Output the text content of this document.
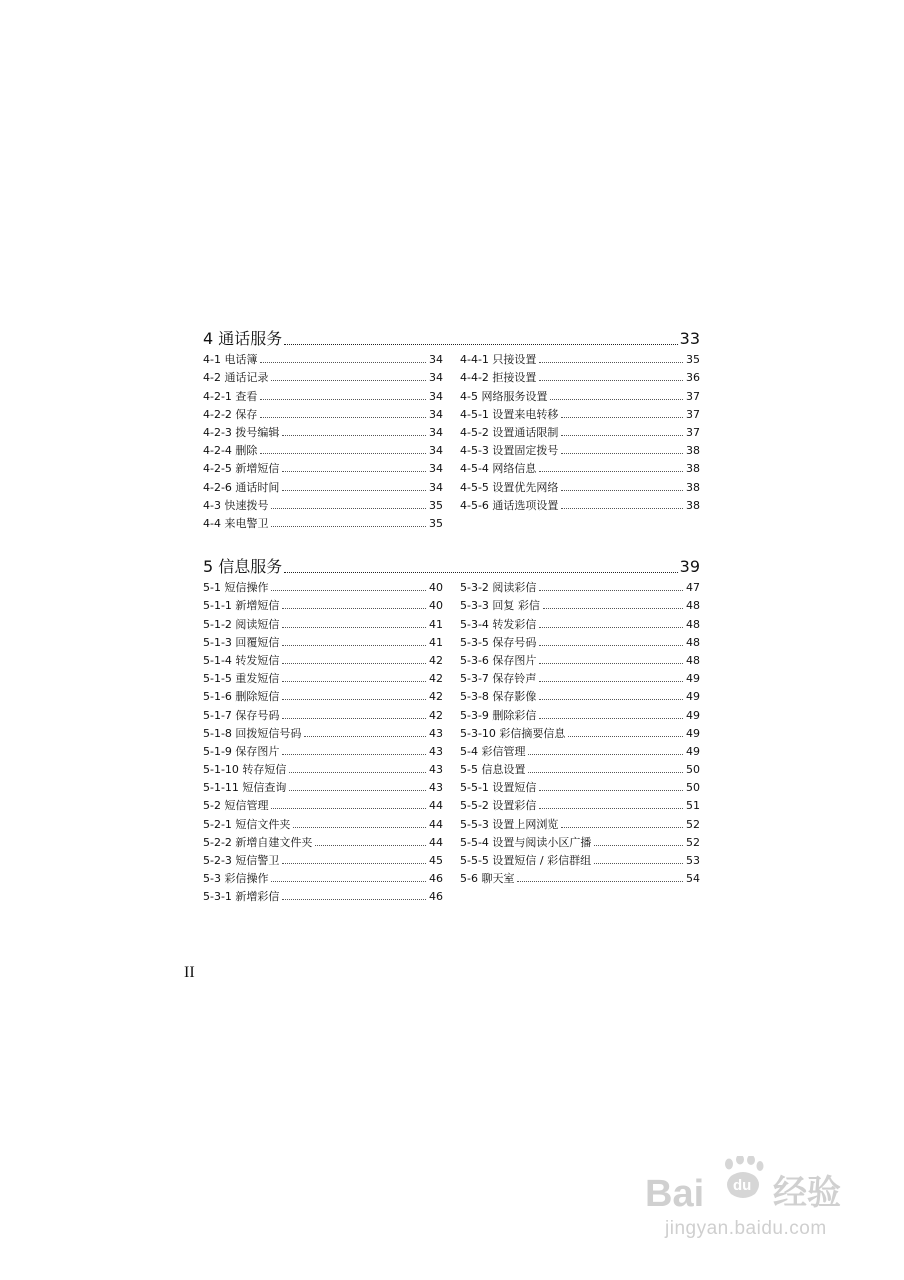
4 通话服务	33
4-1 电话簿	34
4-2 通话记录	34
4-2-1 查看	34
4-2-2 保存	34
4-2-3 拨号编辑	34
4-2-4 删除	34
4-2-5 新增短信	34
4-2-6 通话时间	34
4-3 快速拨号	35
4-4 来电警卫	35
4-4-1 只接设置	35
4-4-2 拒接设置	36
4-5 网络服务设置	37
4-5-1 设置来电转移	37
4-5-2 设置通话限制	37
4-5-3 设置固定拨号	38
4-5-4 网络信息	38
4-5-5 设置优先网络	38
4-5-6 通话选项设置	38
5 信息服务	39
5-1 短信操作	40
5-1-1 新增短信	40
5-1-2 阅读短信	41
5-1-3 回覆短信	41
5-1-4 转发短信	42
5-1-5 重发短信	42
5-1-6 删除短信	42
5-1-7 保存号码	42
5-1-8 回拨短信号码	43
5-1-9 保存图片	43
5-1-10 转存短信	43
5-1-11 短信查询	43
5-2 短信管理	44
5-2-1 短信文件夹	44
5-2-2 新增自建文件夹	44
5-2-3 短信警卫	45
5-3 彩信操作	46
5-3-1 新增彩信	46
5-3-2 阅读彩信	47
5-3-3 回复 彩信	48
5-3-4 转发彩信	48
5-3-5 保存号码	48
5-3-6 保存图片	48
5-3-7 保存铃声	49
5-3-8 保存影像	49
5-3-9 删除彩信	49
5-3-10 彩信摘要信息	49
5-4 彩信管理	49
5-5 信息设置	50
5-5-1 设置短信	50
5-5-2 设置彩信	51
5-5-3 设置上网浏览	52
5-5-4 设置与阅读小区广播	52
5-5-5 设置短信 / 彩信群组	53
5-6 聊天室	54
II
Bai du 经验
jingyan.baidu.com
